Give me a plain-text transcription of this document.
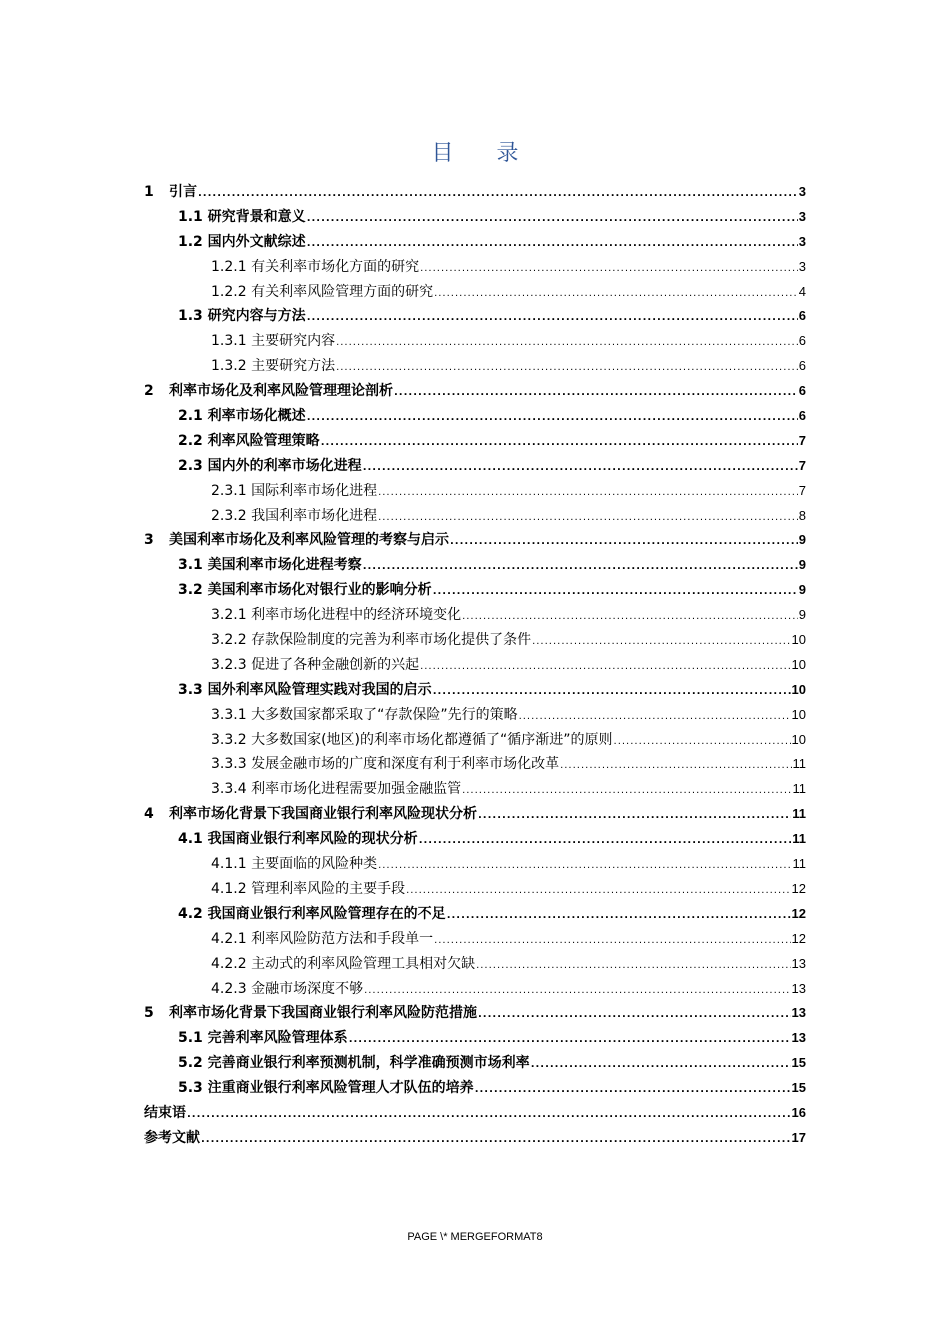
目 录
1 引言 .....	3
1.1 研究背景和意义 .....	3
1.2 国内外文献综述 .....	3
1.2.1 有关利率市场化方面的研究 .....	3
1.2.2 有关利率风险管理方面的研究 .....	4
1.3 研究内容与方法 .....	6
1.3.1 主要研究内容 .....	6
1.3.2 主要研究方法 .....	6
2 利率市场化及利率风险管理理论剖析 .....	6
2.1 利率市场化概述 .....	6
2.2 利率风险管理策略 .....	7
2.3 国内外的利率市场化进程 .....	7
2.3.1 国际利率市场化进程 .....	7
2.3.2 我国利率市场化进程 .....	8
3 美国利率市场化及利率风险管理的考察与启示 .....	9
3.1 美国利率市场化进程考察 .....	9
3.2 美国利率市场化对银行业的影响分析 .....	9
3.2.1 利率市场化进程中的经济环境变化 .....	9
3.2.2 存款保险制度的完善为利率市场化提供了条件 .....	10
3.2.3 促进了各种金融创新的兴起 .....	10
3.3 国外利率风险管理实践对我国的启示 .....	10
3.3.1 大多数国家都采取了“存款保险”先行的策略 .....	10
3.3.2 大多数国家(地区)的利率市场化都遵循了“循序渐进”的原则 .....	10
3.3.3 发展金融市场的广度和深度有利于利率市场化改革 .....	11
3.3.4 利率市场化进程需要加强金融监管 .....	11
4 利率市场化背景下我国商业银行利率风险现状分析 .....	11
4.1 我国商业银行利率风险的现状分析 .....	11
4.1.1 主要面临的风险种类 .....	11
4.1.2 管理利率风险的主要手段 .....	12
4.2 我国商业银行利率风险管理存在的不足 .....	12
4.2.1 利率风险防范方法和手段单一 .....	12
4.2.2 主动式的利率风险管理工具相对欠缺 .....	13
4.2.3 金融市场深度不够 .....	13
5 利率市场化背景下我国商业银行利率风险防范措施 .....	13
5.1 完善利率风险管理体系 .....	13
5.2 完善商业银行利率预测机制，科学准确预测市场利率 .....	15
5.3 注重商业银行利率风险管理人才队伍的培养 .....	15
结束语 .....	16
参考文献 .....	17
PAGE \* MERGEFORMAT8
